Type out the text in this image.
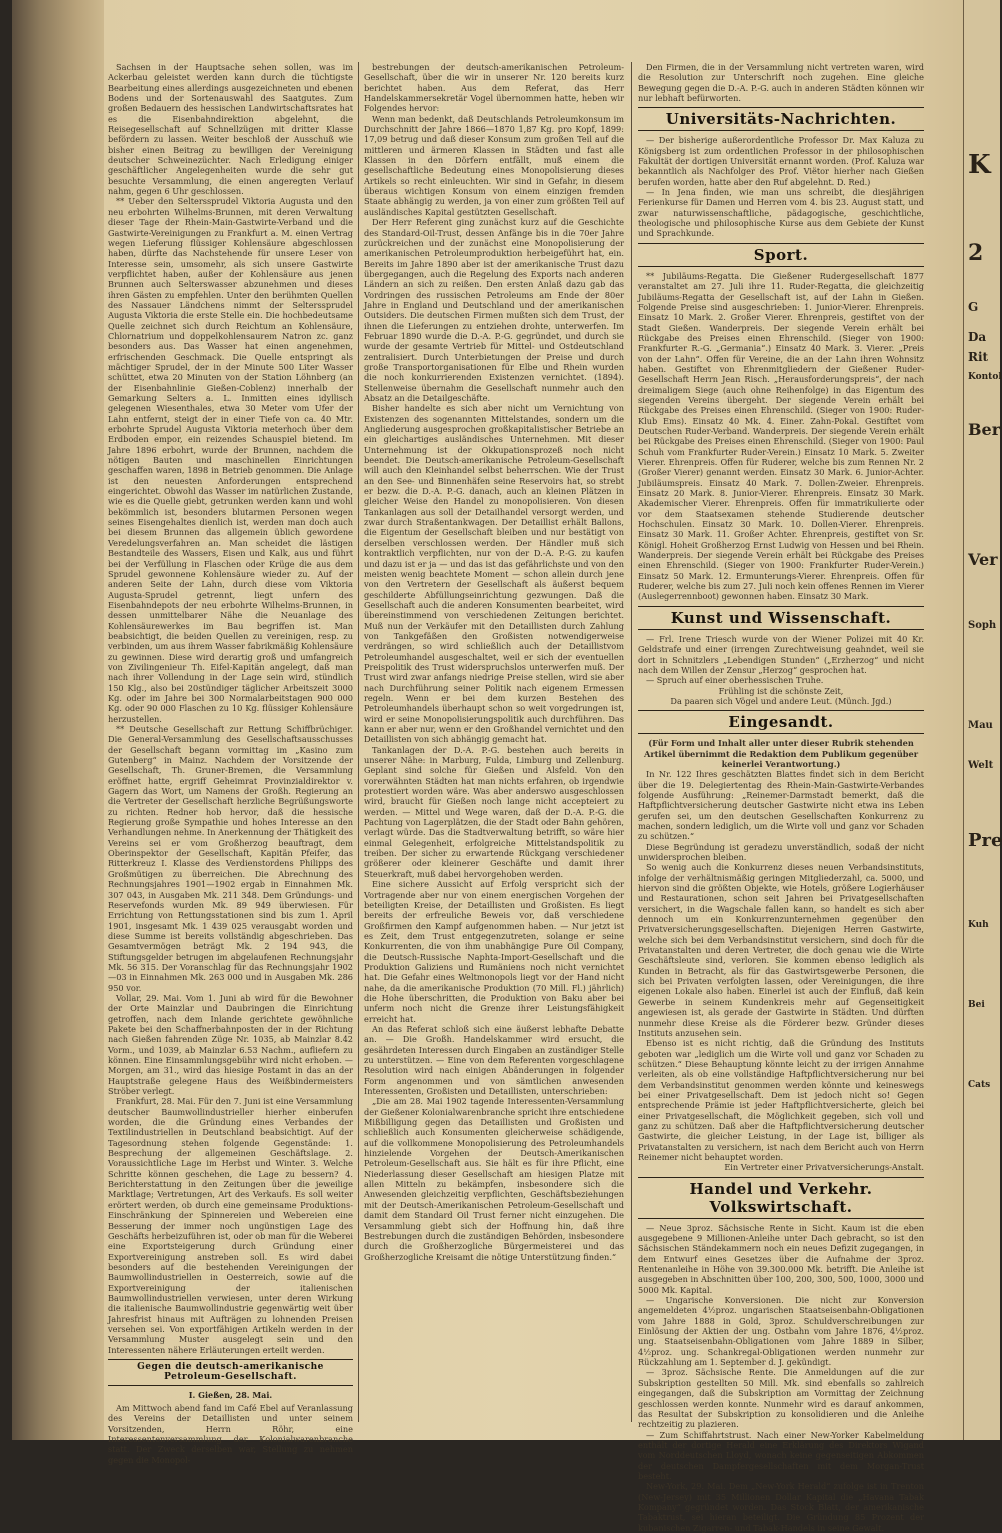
Sachsen in der Hauptsache sehen sollen, was im Ackerbau geleistet werden kann durch die tüchtigste Bearbeitung eines allerdings ausgezeichneten und ebenen Bodens und der Sortenauswahl des Saatgutes. Zum großen Bedauern des hessischen Landwirtschaftsrates hat es die Eisenbahndirektion abgelehnt, die Reisegesellschaft auf Schnellzügen mit dritter Klasse befördern zu lassen. Weiter beschloß der Ausschuß wie bisher einen Beitrag zu bewilligen der Vereinigung deutscher Schweinezüchter. Nach Erledigung einiger geschäftlicher Angelegenheiten wurde die sehr gut besuchte Versammlung, die einen angeregten Verlauf nahm, gegen 6 Uhr geschlossen.

** Ueber den Selterssprudel Viktoria Augusta und den neu erbohrten Wilhelms-Brunnen, mit deren Verwaltung dieser Tage der Rhein-Main-Gastwirte-Verband und die Gastwirte-Vereinigungen zu Frankfurt a. M. einen Vertrag wegen Lieferung flüssiger Kohlensäure abgeschlossen haben, dürfte das Nachstehende für unsere Leser von Interesse sein, umsomehr, als sich unsere Gastwirte verpflichtet haben, außer der Kohlensäure aus jenen Brunnen auch Selterswasser abzunehmen und dieses ihren Gästen zu empfehlen. Unter den berühmten Quellen des Nassauer Ländchens nimmt der Selterssprudel Augusta Viktoria die erste Stelle ein. Die hochbedeutsame Quelle zeichnet sich durch Reichtum an Kohlensäure, Chlornatrium und doppelkohlensaurem Natron zc. ganz besonders aus. Das Wasser hat einen angenehmen, erfrischenden Geschmack. Die Quelle entspringt als mächtiger Sprudel, der in der Minute 500 Liter Wasser schüttet, etwa 20 Minuten von der Station Löhnberg (an der Eisenbahnlinie Gießen-Coblenz) innerhalb der Gemarkung Selters a. L. Inmitten eines idyllisch gelegenen Wiesenthales, etwa 30 Meter vom Ufer der Lahn entfernt, steigt der in einer Tiefe von ca. 40 Mtr. erbohrte Sprudel Augusta Viktoria meterhoch über dem Erdboden empor, ein reizendes Schauspiel bietend. Im Jahre 1896 erbohrt, wurde der Brunnen, nachdem die nötigen Bauten und maschinellen Einrichtungen geschaffen waren, 1898 in Betrieb genommen. Die Anlage ist den neuesten Anforderungen entsprechend eingerichtet. Obwohl das Wasser im natürlichen Zustande, wie es die Quelle giebt, getrunken werden kann und wohl bekömmlich ist, besonders blutarmen Personen wegen seines Eisengehaltes dienlich ist, werden man doch auch bei diesem Brunnen das allgemein üblich gewordene Veredelungsverfahren an. Man scheidet die lästigen Bestandteile des Wassers, Eisen und Kalk, aus und führt bei der Verfüllung in Flaschen oder Krüge die aus dem Sprudel gewonnene Kohlensäure wieder zu. Auf der anderen Seite der Lahn, durch diese vom Viktoria Augusta-Sprudel getrennt, liegt unfern des Eisenbahndepots der neu erbohrte Wilhelms-Brunnen, in dessen unmittelbarer Nähe die Neuanlage des Kohlensäurewerkes im Bau begriffen ist. Man beabsichtigt, die beiden Quellen zu vereinigen, resp. zu verbinden, um aus ihrem Wasser fabrikmäßig Kohlensäure zu gewinnen. Diese wird derartig groß und umfangreich von Zivilingenieur Th. Eifel-Kapitän angelegt, daß man nach ihrer Vollendung in der Lage sein wird, stündlich 150 Klg., also bei 20stündiger täglicher Arbeitszeit 3000 Kg. oder im Jahre bei 300 Normalarbeitstagen 900 000 Kg. oder 90 000 Flaschen zu 10 Kg. flüssiger Kohlensäure herzustellen.

** Deutsche Gesellschaft zur Rettung Schiffbrüchiger. Die General-Versammlung des Gesellschaftsausschusses der Gesellschaft begann vormittag im „Kasino zum Gutenberg“ in Mainz. Nachdem der Vorsitzende der Gesellschaft, Th. Gruner-Bremen, die Versammlung eröffnet hatte, ergriff Geheimrat Provinzialdirektor v. Gagern das Wort, um Namens der Großh. Regierung an die Vertreter der Gesellschaft herzliche Begrüßungsworte zu richten. Redner hob hervor, daß die hessische Regierung große Sympathie und hohes Interesse an den Verhandlungen nehme. In Anerkennung der Thätigkeit des Vereins sei er vom Großherzog beauftragt, dem Oberinspektor der Gesellschaft, Kapitän Pfeifer, das Ritterkreuz I. Klasse des Verdienstordens Philipps des Großmütigen zu überreichen. Die Abrechnung des Rechnungsjahres 1901—1902 ergab in Einnahmen Mk. 307 043, in Ausgaben Mk. 211 348. Dem Gründungs- und Reservefonds wurden Mk. 89 949 überwiesen. Für Errichtung von Rettungsstationen sind bis zum 1. April 1901, insgesamt Mk. 1 439 025 verausgabt worden und diese Summe ist bereits vollständig abgeschrieben. Das Gesamtvermögen beträgt Mk. 2 194 943, die Stiftungsgelder betrugen im abgelaufenen Rechnungsjahr Mk. 56 315. Der Voranschlag für das Rechnungsjahr 1902—03 in Einnahmen Mk. 263 000 und in Ausgaben Mk. 286 950 vor.

Vollar, 29. Mai. Vom 1. Juni ab wird für die Bewohner der Orte Mainzlar und Daubringen die Einrichtung getroffen, nach dem Inlande gerichtete gewöhnliche Pakete bei den Schaffnerbahnposten der in der Richtung nach Gießen fahrenden Züge Nr. 1035, ab Mainzlar 8.42 Vorm., und 1039, ab Mainzlar 6.53 Nachm., aufliefern zu können. Eine Einsammlungsgebühr wird nicht erhoben. — Morgen, am 31., wird das hiesige Postamt in das an der Hauptstraße gelegene Haus des Weißbindermeisters Ströber verlegt.

Frankfurt, 28. Mai. Für den 7. Juni ist eine Versammlung deutscher Baumwollindustrieller hierher einberufen worden, die die Gründung eines Verbandes der Textilindustriellen in Deutschland beabsichtigt. Auf der Tagesordnung stehen folgende Gegenstände: 1. Besprechung der allgemeinen Geschäftslage. 2. Voraussichtliche Lage im Herbst und Winter. 3. Welche Schritte können geschehen, die Lage zu bessern? 4. Berichterstattung in den Zeitungen über die jeweilige Marktlage; Vertretungen, Art des Verkaufs. Es soll weiter erörtert werden, ob durch eine gemeinsame Produktions-Einschränkung der Spinnereien und Webereien eine Besserung der immer noch ungünstigen Lage des Geschäfts herbeizuführen ist, oder ob man für die Weberei eine Exportsteigerung durch Gründung einer Exportvereinigung anstreben soll. Es wird dabei besonders auf die bestehenden Vereinigungen der Baumwollindustriellen in Oesterreich, sowie auf die Exportvereinigung der italienischen Baumwollindustriellen verwiesen, unter deren Wirkung die italienische Baumwollindustrie gegenwärtig weit über Jahresfrist hinaus mit Aufträgen zu lohnenden Preisen versehen sei. Von exportfähigen Artikeln werden in der Versammlung Muster ausgelegt sein und den Interessenten nähere Erläuterungen erteilt werden.

Gegen die deutsch-amerikanische Petroleum-Gesellschaft.
I. Gießen, 28. Mai.

Am Mittwoch abend fand im Café Ebel auf Veranlassung des Vereins der Detaillisten und unter seinem Vorsitzenden, Herrn Röhr, eine Interessentenversammlung der Kolonialwarenbranche statt. Der Zweck derselben war, Stellung zu nehmen gegen die Monopol-

bestrebungen der deutsch-amerikanischen Petroleum-Gesellschaft, über die wir in unserer Nr. 120 bereits kurz berichtet haben. Aus dem Referat, das Herr Handelskammersekretär Vogel übernommen hatte, heben wir Folgendes hervor:

Wenn man bedenkt, daß Deutschlands Petroleumkonsum im Durchschnitt der Jahre 1866—1870 1,87 Kg. pro Kopf, 1899: 17,09 betrug und daß dieser Konsum zum großen Teil auf die mittleren und ärmeren Klassen in Städten und fast alle Klassen in den Dörfern entfällt, muß einem die gesellschaftliche Bedeutung eines Monopolisierung dieses Artikels so recht einleuchten. Wir sind in Gefahr, in diesem überaus wichtigen Konsum von einem einzigen fremden Staate abhängig zu werden, ja von einer zum größten Teil auf ausländisches Kapital gestützten Gesellschaft.

Der Herr Referent ging zunächst kurz auf die Geschichte des Standard-Oil-Trust, dessen Anfänge bis in die 70er Jahre zurückreichen und der zunächst eine Monopolisierung der amerikanischen Petroleumproduktion herbeigeführt hat, ein. Bereits im Jahre 1890 aber ist der amerikanische Trust dazu übergegangen, auch die Regelung des Exports nach anderen Ländern an sich zu reißen. Den ersten Anlaß dazu gab das Vordringen des russischen Petroleums am Ende der 80er Jahre in England und Deutschland und der amerikanischen Outsiders. Die deutschen Firmen mußten sich dem Trust, der ihnen die Lieferungen zu entziehen drohte, unterwerfen. Im Februar 1890 wurde die D.-A. P.-G. gegründet, und durch sie wurde der gesamte Vertrieb für Mittel- und Ostdeutschland zentralisiert. Durch Unterbietungen der Preise und durch große Transportorganisationen für Elbe und Rhein wurden die noch konkurrierenden Existenzen vernichtet. (1894). Stellenweise übernahm die Gesellschaft nunmehr auch den Absatz an die Detailgeschäfte.

Bisher handelte es sich aber nicht um Vernichtung von Existenzen des sogenannten Mittelstandes, sondern um die Angliederung ausgesprochen großkapitalistischer Betriebe an ein gleichartiges ausländisches Unternehmen. Mit dieser Unternehmung ist der Okkupationsprozeß noch nicht beendet. Die Deutsch-amerikanische Petroleum-Gesellschaft will auch den Kleinhandel selbst beherrschen. Wie der Trust an den See- und Binnenhäfen seine Reservoirs hat, so strebt er bezw. die D.-A. P.-G. danach, auch an kleinen Plätzen in gleicher Weise den Handel zu monopolisieren. Von diesen Tankanlagen aus soll der Detailhandel versorgt werden, und zwar durch Straßentankwagen. Der Detaillist erhält Ballons, die Eigentum der Gesellschaft bleiben und nur bestätigt von derselben verschlossen werden. Der Händler muß sich kontraktlich verpflichten, nur von der D.-A. P.-G. zu kaufen und dazu ist er ja — und das ist das gefährlichste und von den meisten wenig beachtete Moment — schon allein durch jene von den Vertretern der Gesellschaft als äußerst bequem geschilderte Abfüllungseinrichtung gezwungen. Daß die Gesellschaft auch die anderen Konsumenten bearbeitet, wird übereinstimmend von verschiedenen Zeitungen berichtet. Muß nun der Verkäufer mit den Detaillisten durch Zahlung von Tankgefäßen den Großisten notwendigerweise verdrängen, so wird schließlich auch der Detaillistvom Petroleumhandel ausgeschaltet, weil er sich der eventuellen Preispolitik des Trust widerspruchslos unterwerfen muß. Der Trust wird zwar anfangs niedrige Preise stellen, wird sie aber nach Durchführung seiner Politik nach eigenem Ermessen regeln. Wenn er bei dem kurzen Bestehen des Petroleumhandels überhaupt schon so weit vorgedrungen ist, wird er seine Monopolisierungspolitik auch durchführen. Das kann er aber nur, wenn er den Großhandel vernichtet und den Detaillisten von sich abhängig gemacht hat.

Tankanlagen der D.-A. P.-G. bestehen auch bereits in unserer Nähe: in Marburg, Fulda, Limburg und Zellenburg. Geplant sind solche für Gießen und Alsfeld. Von den vorerwähnten Städten hat man nichts erfahren, ob irgendwie protestiert worden wäre. Was aber anderswo ausgeschlossen wird, braucht für Gießen noch lange nicht accepteiert zu werden. — Mittel und Wege waren, daß der D.-A. P.-G. die Pachtung von Lagerplätzen, die der Stadt oder Bahn gehören, verlagt würde. Das die Stadtverwaltung betrifft, so wäre hier einmal Gelegenheit, erfolgreiche Mittelstandspolitik zu treiben. Der sicher zu erwartende Rückgang verschiedener größerer oder kleinerer Geschäfte und damit ihrer Steuerkraft, muß dabei hervorgehoben werden.

Eine sichere Aussicht auf Erfolg verspricht sich der Vortragende aber nur von einem energischen Vorgehen der beteiligten Kreise, der Detaillisten und Großisten. Es liegt bereits der erfreuliche Beweis vor, daß verschiedene Großfirmen den Kampf aufgenommen haben. — Nur jetzt ist es Zeit, dem Trust entgegenzutreten, solange er seine Konkurrenten, die von ihm unabhängige Pure Oil Company, die Deutsch-Russische Naphta-Import-Gesellschaft und die Produktion Galiziens und Rumäniens noch nicht vernichtet hat. Die Gefahr eines Weltmonopols liegt vor der Hand nicht nahe, da die amerikanische Produktion (70 Mill. Fl.) jährlich) die Hohe überschritten, die Produktion von Baku aber bei unferm noch nicht die Grenze ihrer Leistungsfähigkeit erreicht hat.

An das Referat schloß sich eine äußerst lebhafte Debatte an. — Die Großh. Handelskammer wird ersucht, die gesährdeten Interessen durch Eingaben an zuständiger Stelle zu unterstützen. — Eine von dem Referenten vorgeschlagene Resolution wird nach einigen Abänderungen in folgender Form angenommen und von sämtlichen anwesenden Interessenten, Großisten und Detaillisten, unterschrieben:

„Die am 28. Mai 1902 tagende Interessenten-Versammlung der Gießener Kolonialwarenbranche spricht ihre entschiedene Mißbilligung gegen das Detaillisten und Großisten und schließlich auch Konsumenten gleicherweise schädigende, auf die vollkommene Monopolisierung des Petroleumhandels hinzielende Vorgehen der Deutsch-Amerikanischen Petroleum-Gesellschaft aus. Sie hält es für ihre Pflicht, eine Niederlassung dieser Gesellschaft am hiesigen Platze mit allen Mitteln zu bekämpfen, insbesondere sich die Anwesenden gleichzeitig verpflichten, Geschäftsbeziehungen mit der Deutsch-Amerikanischen Petroleum-Gesellschaft und damit dem Standard Oil Trust ferner nicht einzugehen. Die Versammlung giebt sich der Hoffnung hin, daß ihre Bestrebungen durch die zuständigen Behörden, insbesondere durch die Großherzogliche Bürgermeisterei und das Großherzogliche Kreisamt die nötige Unterstützung finden.“

Den Firmen, die in der Versammlung nicht vertreten waren, wird die Resolution zur Unterschrift noch zugehen. Eine gleiche Bewegung gegen die D.-A. P.-G. auch in anderen Städten können wir nur lebhaft befürworten.

Universitäts-Nachrichten.

— Der bisherige außerordentliche Professor Dr. Max Kaluza zu Königsberg ist zum ordentlichen Professor in der philosophischen Fakultät der dortigen Universität ernannt worden. (Prof. Kaluza war bekanntlich als Nachfolger des Prof. Viëtor hierher nach Gießen berufen worden, hatte aber den Ruf abgelehnt. D. Red.)

— In Jena finden, wie man uns schreibt, die diesjährigen Ferienkurse für Damen und Herren vom 4. bis 23. August statt, und zwar naturwissenschaftliche, pädagogische, geschichtliche, theologische und philosophische Kurse aus dem Gebiete der Kunst und Sprachkunde.

Sport.

** Jubiläums-Regatta. Die Gießener Rudergesellschaft 1877 veranstaltet am 27. Juli ihre 11. Ruder-Regatta, die gleichzeitig Jubiläums-Regatta der Gesellschaft ist, auf der Lahn in Gießen. Folgende Preise sind ausgeschrieben: 1. Junior-Vierer. Ehrenpreis. Einsatz 10 Mark. 2. Großer Vierer. Ehrenpreis, gestiftet von der Stadt Gießen. Wanderpreis. Der siegende Verein erhält bei Rückgabe des Preises einen Ehrenschild. (Sieger von 1900: Frankfurter R.-G. „Germania“.) Einsatz 40 Mark. 3. Vierer. „Preis von der Lahn“. Offen für Vereine, die an der Lahn ihren Wohnsitz haben. Gestiftet von Ehrenmitgliedern der Gießener Ruder-Gesellschaft Herrn Jean Risch. „Herausforderungspreis“, der nach dreimaligem Siege (auch ohne Reihenfolge) in das Eigentum des siegenden Vereins übergeht. Der siegende Verein erhält bei Rückgabe des Preises einen Ehrenschild. (Sieger von 1900: Ruder-Klub Ems). Einsatz 40 Mk. 4. Einer. Zahn-Pokal. Gestiftet vom Deutschen Ruder-Verband. Wanderpreis. Der siegende Verein erhält bei Rückgabe des Preises einen Ehrenschild. (Sieger von 1900: Paul Schuh vom Frankfurter Ruder-Verein.) Einsatz 10 Mark. 5. Zweiter Vierer. Ehrenpreis. Offen für Ruderer, welche bis zum Rennen Nr. 2 (Großer Vierer) genannt werden. Einsatz 30 Mark. 6. Junior-Achter. Jubiläumspreis. Einsatz 40 Mark. 7. Dollen-Zweier. Ehrenpreis. Einsatz 20 Mark. 8. Junior-Vierer. Ehrenpreis. Einsatz 30 Mark. Akademischer Vierer. Ehrenpreis. Offen für immatrikulierte oder vor dem Staatsexamen stehende Studierende deutscher Hochschulen. Einsatz 30 Mark. 10. Dollen-Vierer. Ehrenpreis. Einsatz 30 Mark. 11. Großer Achter. Ehrenpreis, gestiftet von Sr. Königl. Hoheit Großherzog Ernst Ludwig von Hessen und bei Rhein. Wanderpreis. Der siegende Verein erhält bei Rückgabe des Preises einen Ehrenschild. (Sieger von 1900: Frankfurter Ruder-Verein.) Einsatz 50 Mark. 12. Ermunterungs-Vierer. Ehrenpreis. Offen für Ruderer, welche bis zum 27. Juli noch kein offenes Rennen im Vierer (Auslegerrennboot) gewonnen haben. Einsatz 30 Mark.

Kunst und Wissenschaft.

— Frl. Irene Triesch wurde von der Wiener Polizei mit 40 Kr. Geldstrafe und einer (irrengen Zurechtweisung geahndet, weil sie dort in Schnitzlers „Lebendigen Stunden“ („Erzherzog“ und nicht nach dem Willen der Zensur „Herzog“ gesprochen hat.

— Spruch auf einer oberhessischen Truhe.

Frühling ist die schönste Zeit,

Da paaren sich Vögel und andere Leut. (Münch. Jgd.)

Eingesandt.

(Für Form und Inhalt aller unter dieser Rubrik stehenden Artikel übernimmt die Redaktion dem Publikum gegenüber keinerlei Verantwortung.)

In Nr. 122 Ihres geschätzten Blattes findet sich in dem Bericht über die 19. Delegiertentag des Rhein-Main-Gastwirte-Verbandes folgende Ausführung: „Reinemer-Darmstadt bemerkt, daß die Haftpflichtversicherung deutscher Gastwirte nicht etwa ins Leben gerufen sei, um den deutschen Gesellschaften Konkurrenz zu machen, sondern lediglich, um die Wirte voll und ganz vor Schaden zu schützen.“

Diese Begründung ist geradezu unverständlich, sodaß der nicht unwidersprochen bleiben.

So wenig auch die Konkurrenz dieses neuen Verbandsinstituts, infolge der verhältnismäßig geringen Mitgliederzahl, ca. 5000, und hiervon sind die größten Objekte, wie Hotels, größere Logierhäuser und Restaurationen, schon seit Jahren bei Privatgesellschaften versichert, in die Wagschale fallen kann, so handelt es sich aber dennoch um ein Konkurrenzunternehmen gegenüber den Privatversicherungsgesellschaften. Diejenigen Herren Gastwirte, welche sich bei dem Verbandsinstitut versichern, sind doch für die Privatanstalten und deren Vertreter, die doch genau wie die Wirte Geschäftsleute sind, verloren. Sie kommen ebenso lediglich als Kunden in Betracht, als für das Gastwirtsgewerbe Personen, die sich bei Privaten verfolgten lassen, oder Vereinigungen, die ihre eigenen Lokale also haben. Einerlei ist auch der Einfluß, daß kein Gewerbe in seinem Kundenkreis mehr auf Gegenseitigkeit angewiesen ist, als gerade der Gastwirte in Städten. Und dürften nunmehr diese Kreise als die Förderer bezw. Gründer dieses Instituts anzusehen sein.

Ebenso ist es nicht richtig, daß die Gründung des Instituts geboten war „lediglich um die Wirte voll und ganz vor Schaden zu schützen.“ Diese Behauptung könnte leicht zu der irrigen Annahme verleiten, als ob eine vollständige Haftpflichtversicherung nur bei dem Verbandsinstitut genommen werden könnte und keineswegs bei einer Privatgesellschaft. Dem ist jedoch nicht so! Gegen entsprechende Prämie ist jeder Haftpflichtversicherte, gleich bei einer Privatgesellschaft, die Möglichkeit gegeben, sich voll und ganz zu schützen. Daß aber die Haftpflichtversicherung deutscher Gastwirte, die gleicher Leistung, in der Lage ist, billiger als Privatanstalten zu versichern, ist nach dem Bericht auch von Herrn Reinemer nicht behauptet worden.

Ein Vertreter einer Privatversicherungs-Anstalt.

Handel und Verkehr. Volkswirtschaft.

— Neue 3proz. Sächsische Rente in Sicht. Kaum ist die eben ausgegebene 9 Millionen-Anleihe unter Dach gebracht, so ist den Sächsischen Ständekammern noch ein neues Defizit zugegangen, in dem Entwurf eines Gesetzes über die Aufnahme der 3proz. Rentenanleihe in Höhe von 39.300.000 Mk. betrifft. Die Anleihe ist ausgegeben in Abschnitten über 100, 200, 300, 500, 1000, 3000 und 5000 Mk. Kapital.

— Ungarische Konversionen. Die nicht zur Konversion angemeldeten 4½proz. ungarischen Staatseisenbahn-Obligationen vom Jahre 1888 in Gold, 3proz. Schuldverschreibungen zur Einlösung der Aktien der ung. Ostbahn vom Jahre 1876, 4½proz. ung. Staatseisenbahn-Obligationen vom Jahre 1889 in Silber, 4½proz. ung. Schankregal-Obligationen werden nunmehr zur Rückzahlung am 1. September d. J. gekündigt.

— 3proz. Sächsische Rente. Die Anmeldungen auf die zur Subskription gestellten 50 Mill. Mk. sind ebenfalls so zahlreich eingegangen, daß die Subskription am Vormittag der Zeichnung geschlossen werden konnte. Nunmehr wird es darauf ankommen, das Resultat der Subskription zu konsolidieren und die Anleihe rechtzeitig zu plazieren.

— Zum Schiffahrtstrust. Nach einer New-Yorker Kabelmeldung enthält der dortige Herald eine Erklärung des Direktors Wigand vom Norddeutschen Lloyd, wonach keine gegenseitigen Abkommen der deutschen Dampfergesellschaften mit dem Morgan-Trust besteht.

New-York, 29. Mai. Dem „New-York Herald“ zufolge ist in Trenton (New-Jersey) mit 35 Millionen Dollar Kapital die „Havana Tabak Kompany“ gegründet worden. Das Stock Blatt, der amerikanische Tabaktrust, sei hieran beteiligt. Die Gründung 85 Prozent der kubanischen Zigarren- und Tabak-Handels in seine Gewalt.

K
2
G
Da
Rit
Kontol
Ber
Ver
Soph
Mau
Welt
Pre
Kuh
Bei
Cats
